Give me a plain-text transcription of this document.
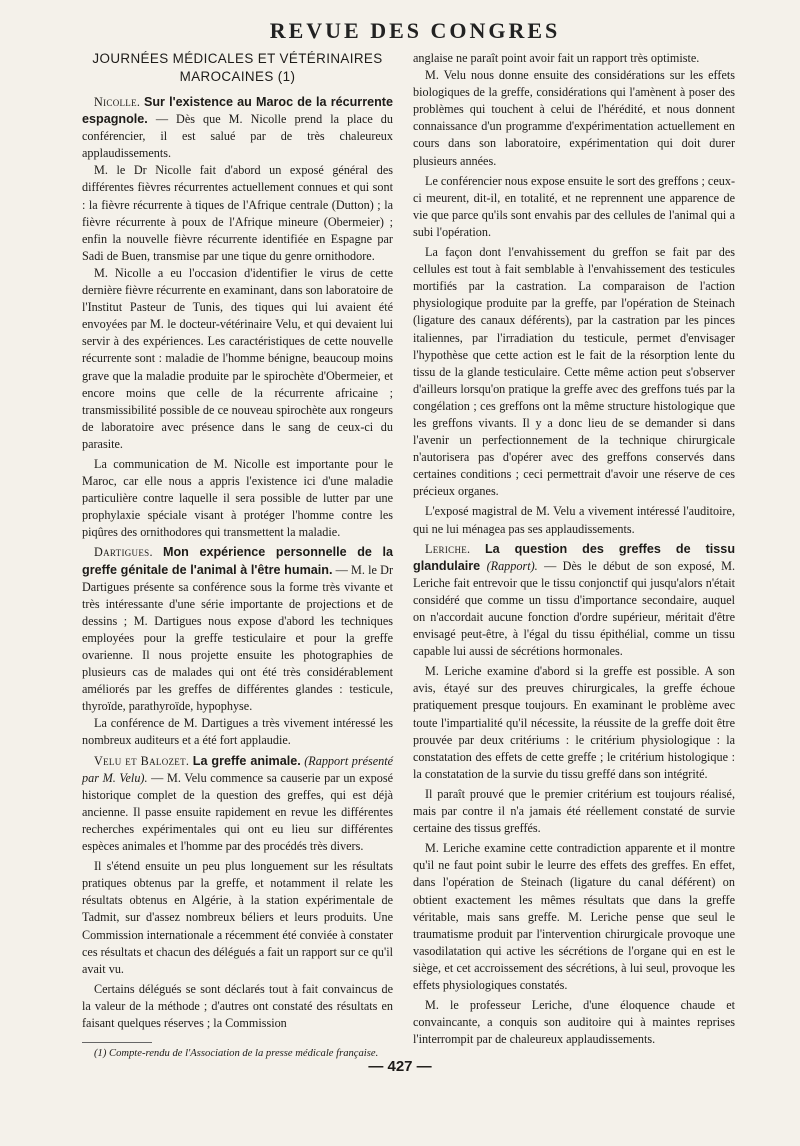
REVUE DES CONGRES
JOURNÉES MÉDICALES ET VÉTÉRINAIRES
MAROCAINES (1)

Nicolle. Sur l'existence au Maroc de la récurrente espagnole. — Dès que M. Nicolle prend la place du conférencier, il est salué par de très chaleureux applaudissements.

M. le Dr Nicolle fait d'abord un exposé général des différentes fièvres récurrentes actuellement connues et qui sont : la fièvre récurrente à tiques de l'Afrique centrale (Dutton) ; la fièvre récurrente à poux de l'Afrique mineure (Obermeier) ; enfin la nouvelle fièvre récurrente identifiée en Espagne par Sadi de Buen, transmise par une tique du genre ornithodore.

M. Nicolle a eu l'occasion d'identifier le virus de cette dernière fièvre récurrente en examinant, dans son laboratoire de l'Institut Pasteur de Tunis, des tiques qui lui avaient été envoyées par M. le docteur-vétérinaire Velu, et qui devaient lui servir à des expériences. Les caractéristiques de cette nouvelle récurrente sont : maladie de l'homme bénigne, beaucoup moins grave que la maladie produite par le spirochète d'Obermeier, et encore moins que celle de la récurrente africaine ; transmissibilité possible de ce nouveau spirochète aux rongeurs de laboratoire avec présence dans le sang de ceux-ci du parasite.

La communication de M. Nicolle est importante pour le Maroc, car elle nous a appris l'existence ici d'une maladie particulière contre laquelle il sera possible de lutter par une prophylaxie spéciale visant à protéger l'homme contre les piqûres des ornithodores qui transmettent la maladie.

Dartigues. Mon expérience personnelle de la greffe génitale de l'animal à l'être humain. — M. le Dr Dartigues présente sa conférence sous la forme très vivante et très intéressante d'une série importante de projections et de dessins ; M. Dartigues nous expose d'abord les techniques employées pour la greffe testiculaire et pour la greffe ovarienne. Il nous projette ensuite les photographies de plusieurs cas de malades qui ont été très considérablement améliorés par les greffes de différentes glandes : testicule, thyroïde, parathyroïde, hypophyse.

La conférence de M. Dartigues a très vivement intéressé les nombreux auditeurs et a été fort applaudie.

Velu et Balozet. La greffe animale. (Rapport présenté par M. Velu). — M. Velu commence sa causerie par un exposé historique complet de la question des greffes, qui est déjà ancienne. Il passe ensuite rapidement en revue les différentes recherches expérimentales qui ont eu lieu sur différentes espèces animales et l'homme par des procédés très divers.

Il s'étend ensuite un peu plus longuement sur les résultats pratiques obtenus par la greffe, et notamment il relate les résultats obtenus en Algérie, à la station expérimentale de Tadmit, sur d'assez nombreux béliers et leurs produits. Une Commission internationale a récemment été conviée à constater ces résultats et chacun des délégués a fait un rapport sur ce qu'il avait vu.

Certains délégués se sont déclarés tout à fait convaincus de la valeur de la méthode ; d'autres ont constaté des résultats en faisant quelques réserves ; la Commission

(1) Compte-rendu de l'Association de la presse médicale française.

anglaise ne paraît point avoir fait un rapport très optimiste.

M. Velu nous donne ensuite des considérations sur les effets biologiques de la greffe, considérations qui l'amènent à poser des problèmes qui touchent à celui de l'hérédité, et nous donnent connaissance d'un programme d'expérimentation actuellement en cours dans son laboratoire, expérimentation qui doit durer plusieurs années.

Le conférencier nous expose ensuite le sort des greffons ; ceux-ci meurent, dit-il, en totalité, et ne reprennent une apparence de vie que parce qu'ils sont envahis par des cellules de l'animal qui a subi l'opération.

La façon dont l'envahissement du greffon se fait par des cellules est tout à fait semblable à l'envahissement des testicules mortifiés par la castration. La comparaison de l'action physiologique produite par la greffe, par l'opération de Steinach (ligature des canaux déférents), par la castration par les pinces italiennes, par l'irradiation du testicule, permet d'envisager l'hypothèse que cette action est le fait de la résorption lente du tissu de la glande testiculaire. Cette même action peut s'observer d'ailleurs lorsqu'on pratique la greffe avec des greffons tués par la congélation ; ces greffons ont la même structure histologique que les greffons vivants. Il y a donc lieu de se demander si dans l'avenir un perfectionnement de la technique chirurgicale n'autorisera pas d'opérer avec des greffons conservés dans certaines conditions ; ceci permettrait d'avoir une réserve de ces précieux organes.

L'exposé magistral de M. Velu a vivement intéressé l'auditoire, qui ne lui ménagea pas ses applaudissements.

Leriche. La question des greffes de tissu glandulaire (Rapport). — Dès le début de son exposé, M. Leriche fait entrevoir que le tissu conjonctif qui jusqu'alors n'était considéré que comme un tissu d'importance secondaire, auquel on n'accordait aucune fonction d'ordre supérieur, méritait d'être envisagé peut-être, à l'égal du tissu épithélial, comme un tissu capable lui aussi de sécrétions hormonales.

M. Leriche examine d'abord si la greffe est possible. A son avis, étayé sur des preuves chirurgicales, la greffe échoue pratiquement presque toujours. En examinant le problème avec toute l'impartialité qu'il nécessite, la réussite de la greffe doit être prouvée par deux critériums : le critérium physiologique : la constatation des effets de cette greffe ; le critérium histologique : la constatation de la survie du tissu greffé dans son intégrité.

Il paraît prouvé que le premier critérium est toujours réalisé, mais par contre il n'a jamais été réellement constaté de survie certaine des tissus greffés.

M. Leriche examine cette contradiction apparente et il montre qu'il ne faut point subir le leurre des effets des greffes. En effet, dans l'opération de Steinach (ligature du canal déférent) on obtient exactement les mêmes résultats que dans la greffe véritable, mais sans greffe. M. Leriche pense que seul le traumatisme produit par l'intervention chirurgicale provoque une vasodilatation qui active les sécrétions de l'organe qui en est le siège, et cet accroissement des sécrétions, à lui seul, provoque les effets physiologiques constatés.

M. le professeur Leriche, d'une éloquence chaude et convaincante, a conquis son auditoire qui à maintes reprises l'interrompit par de chaleureux applaudissements.

— 427 —
